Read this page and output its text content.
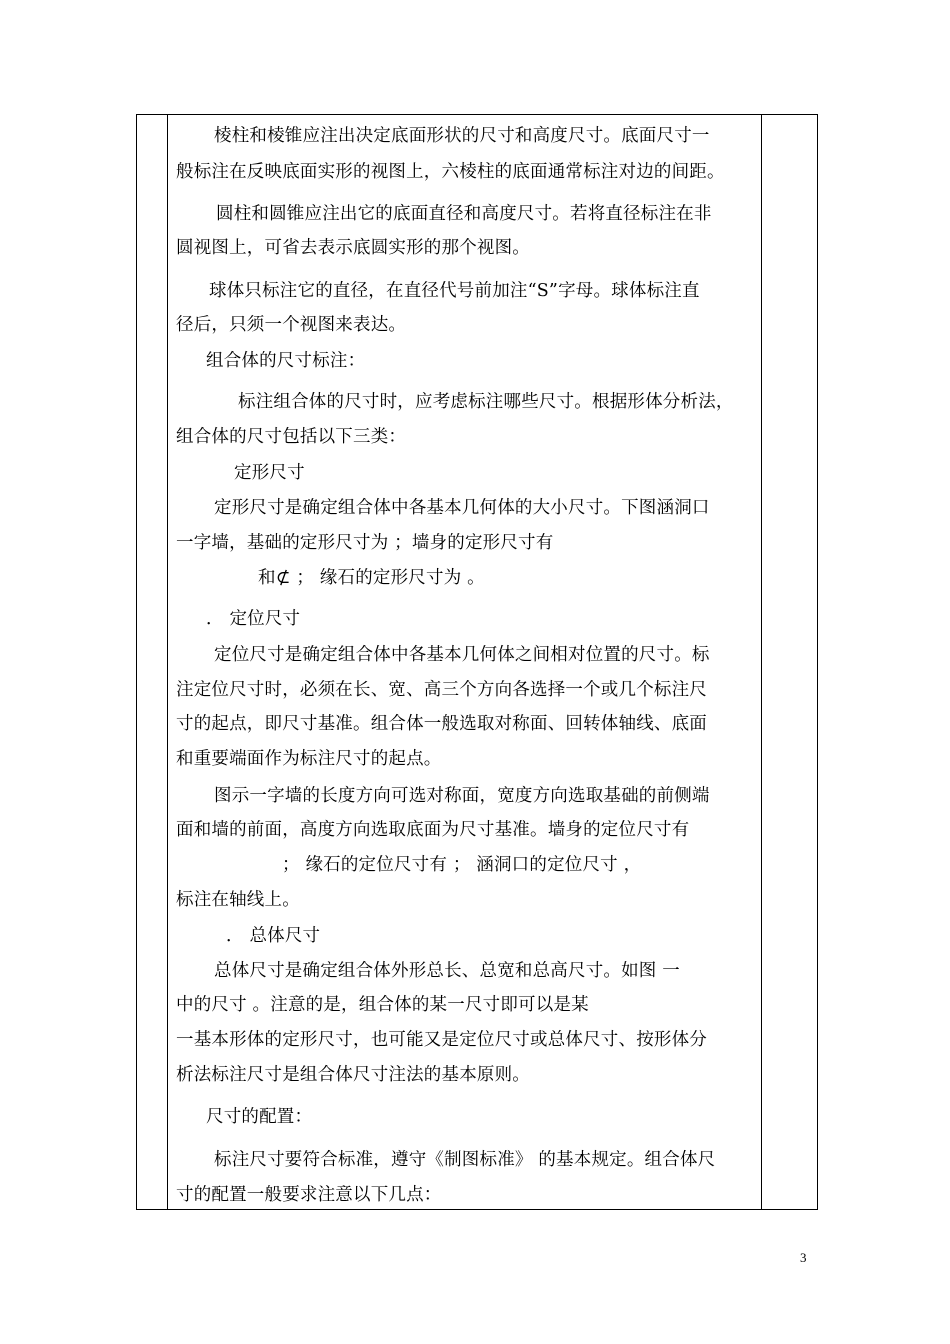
棱柱和棱锥应注出决定底面形状的尺寸和高度尺寸。底面尺寸一
般标注在反映底面实形的视图上，六棱柱的底面通常标注对边的间距。
圆柱和圆锥应注出它的底面直径和高度尺寸。若将直径标注在非
圆视图上，可省去表示底圆实形的那个视图。
球体只标注它的直径，在直径代号前加注“S”字母。球体标注直
径后，只须一个视图来表达。
组合体的尺寸标注：
标注组合体的尺寸时，应考虑标注哪些尺寸。根据形体分析法，
组合体的尺寸包括以下三类：
定形尺寸
定形尺寸是确定组合体中各基本几何体的大小尺寸。下图涵洞口
一字墙，基础的定形尺寸为 ；墙身的定形尺寸有
和⊄ ； 缘石的定形尺寸为 。
． 定位尺寸
定位尺寸是确定组合体中各基本几何体之间相对位置的尺寸。标
注定位尺寸时，必须在长、宽、高三个方向各选择一个或几个标注尺
寸的起点，即尺寸基准。组合体一般选取对称面、回转体轴线、底面
和重要端面作为标注尺寸的起点。
图示一字墙的长度方向可选对称面，宽度方向选取基础的前侧端
面和墙的前面，高度方向选取底面为尺寸基准。墙身的定位尺寸有
； 缘石的定位尺寸有 ； 涵洞口的定位尺寸 ，
标注在轴线上。
． 总体尺寸
总体尺寸是确定组合体外形总长、总宽和总高尺寸。如图 一
中的尺寸 。注意的是，组合体的某一尺寸即可以是某
一基本形体的定形尺寸，也可能又是定位尺寸或总体尺寸、按形体分
析法标注尺寸是组合体尺寸注法的基本原则。
尺寸的配置：
标注尺寸要符合标准，遵守《制图标准》 的基本规定。组合体尺
寸的配置一般要求注意以下几点：
3
